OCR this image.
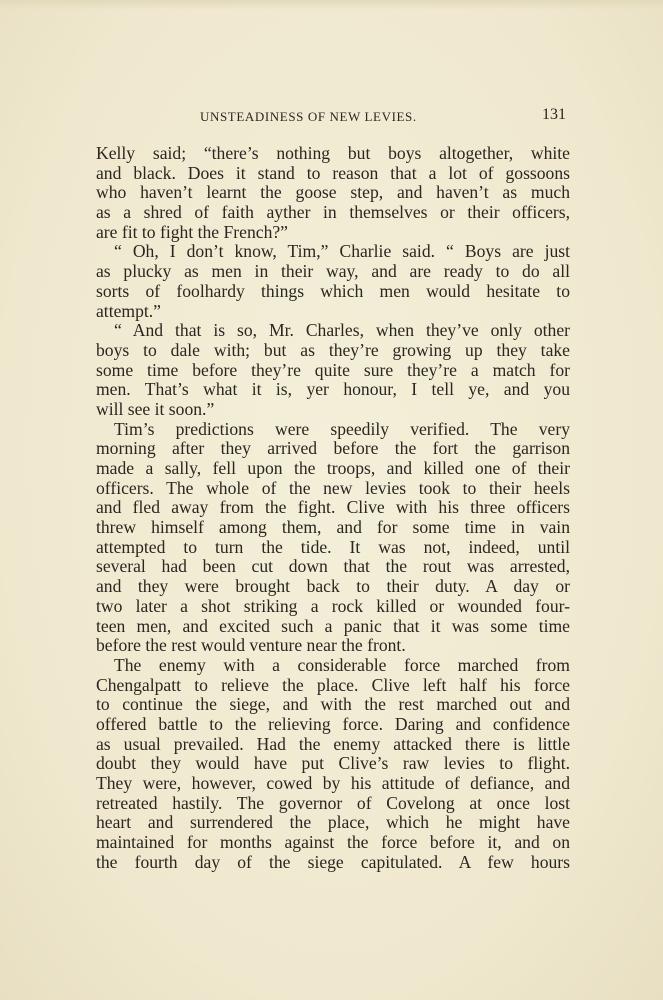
UNSTEADINESS OF NEW LEVIES.	131
Kelly said; “there’s nothing but boys altogether, white
and black. Does it stand to reason that a lot of gossoons
who haven’t learnt the goose step, and haven’t as much
as a shred of faith ayther in themselves or their officers,
are fit to fight the French?”
“ Oh, I don’t know, Tim,” Charlie said. “ Boys are just
as plucky as men in their way, and are ready to do all
sorts of foolhardy things which men would hesitate to
attempt.”
“ And that is so, Mr. Charles, when they’ve only other
boys to dale with; but as they’re growing up they take
some time before they’re quite sure they’re a match for
men. That’s what it is, yer honour, I tell ye, and you
will see it soon.”
Tim’s predictions were speedily verified. The very
morning after they arrived before the fort the garrison
made a sally, fell upon the troops, and killed one of their
officers. The whole of the new levies took to their heels
and fled away from the fight. Clive with his three officers
threw himself among them, and for some time in vain
attempted to turn the tide. It was not, indeed, until
several had been cut down that the rout was arrested,
and they were brought back to their duty. A day or
two later a shot striking a rock killed or wounded four-
teen men, and excited such a panic that it was some time
before the rest would venture near the front.
The enemy with a considerable force marched from
Chengalpatt to relieve the place. Clive left half his force
to continue the siege, and with the rest marched out and
offered battle to the relieving force. Daring and confidence
as usual prevailed. Had the enemy attacked there is little
doubt they would have put Clive’s raw levies to flight.
They were, however, cowed by his attitude of defiance, and
retreated hastily. The governor of Covelong at once lost
heart and surrendered the place, which he might have
maintained for months against the force before it, and on
the fourth day of the siege capitulated. A few hours
